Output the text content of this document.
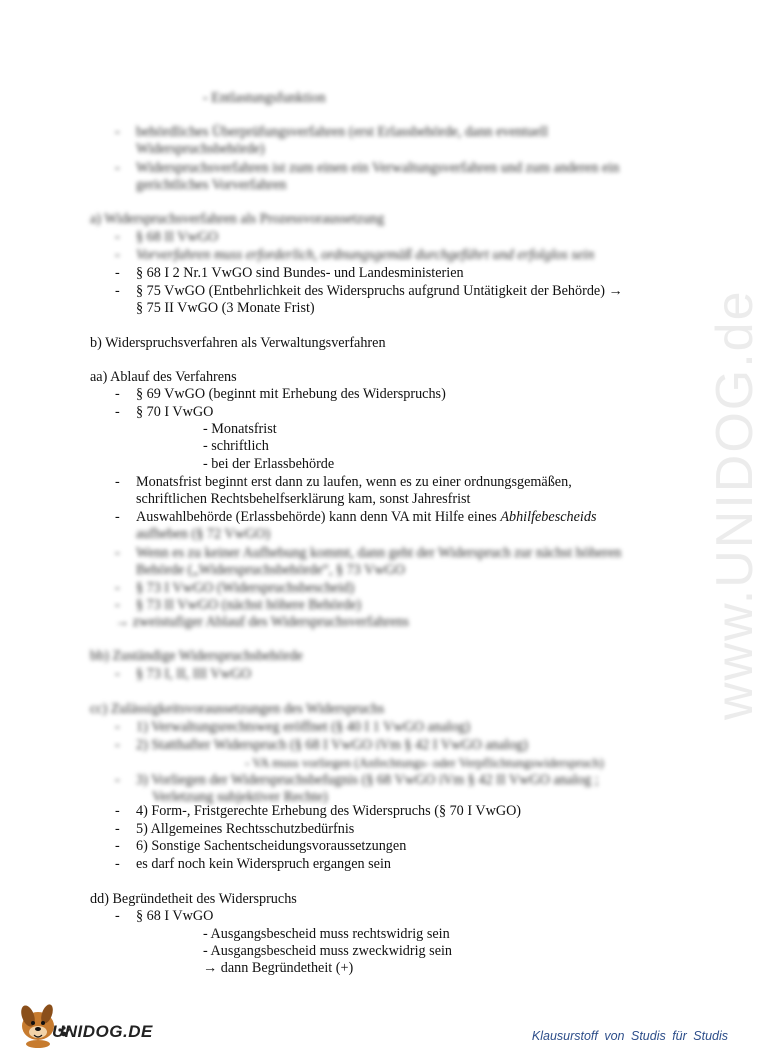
www.UNIDOG.de
- Entlastungsfunktion
- behördliches Überprüfungsverfahren (erst Erlassbehörde, dann eventuell
Widerspruchsbehörde)
- Widerspruchsverfahren ist zum einen ein Verwaltungsverfahren und zum anderen ein
gerichtliches Vorverfahren
a) Widerspruchsverfahren als Prozessvoraussetzung
- § 68 II VwGO
- Vorverfahren muss erforderlich, ordnungsgemäß durchgeführt und erfolglos sein
- § 68 I 2 Nr.1 VwGO sind Bundes- und Landesministerien
- § 75 VwGO (Entbehrlichkeit des Widerspruchs aufgrund Untätigkeit der Behörde) →
§ 75 II VwGO (3 Monate Frist)
b) Widerspruchsverfahren als Verwaltungsverfahren
aa) Ablauf des Verfahrens
- § 69 VwGO (beginnt mit Erhebung des Widerspruchs)
- § 70 I VwGO
- Monatsfrist
- schriftlich
- bei der Erlassbehörde
- Monatsfrist beginnt erst dann zu laufen, wenn es zu einer ordnungsgemäßen,
schriftlichen Rechtsbehelfserklärung kam, sonst Jahresfrist
- Auswahlbehörde (Erlassbehörde) kann denn VA mit Hilfe eines Abhilfebescheids
aufheben (§ 72 VwGO)
- Wenn es zu keiner Aufhebung kommt, dann geht der Widerspruch zur nächst höheren
Behörde („Widerspruchsbehörde“, § 73 VwGO
- § 73 I VwGO (Widerspruchsbescheid)
- § 73 II VwGO (nächst höhere Behörde)
→ zweistufiger Ablauf des Widerspruchsverfahrens
bb) Zuständige Widerspruchsbehörde
- § 73 I, II, III VwGO
cc) Zulässigkeitsvoraussetzungen des Widerspruchs
- 1) Verwaltungsrechtsweg eröffnet (§ 40 I 1 VwGO analog)
- 2) Statthafter Widerspruch (§ 68 I VwGO iVm § 42 I VwGO analog)
- VA muss vorliegen (Anfechtungs- oder Verpflichtungswiderspruch)
- 3) Vorliegen der Widerspruchsbefugnis (§ 68 VwGO iVm § 42 II VwGO analog ;
Verletzung subjektiver Rechte)
- 4) Form-, Fristgerechte Erhebung des Widerspruchs (§ 70 I VwGO)
- 5) Allgemeines Rechtsschutzbedürfnis
- 6) Sonstige Sachentscheidungsvoraussetzungen
- es darf noch kein Widerspruch ergangen sein
dd) Begründetheit des Widerspruchs
- § 68 I VwGO
- Ausgangsbescheid muss rechtswidrig sein
- Ausgangsbescheid muss zweckwidrig sein
→ dann Begründetheit (+)
UNIDOG.DE	Klausurstoff von Studis für Studis
